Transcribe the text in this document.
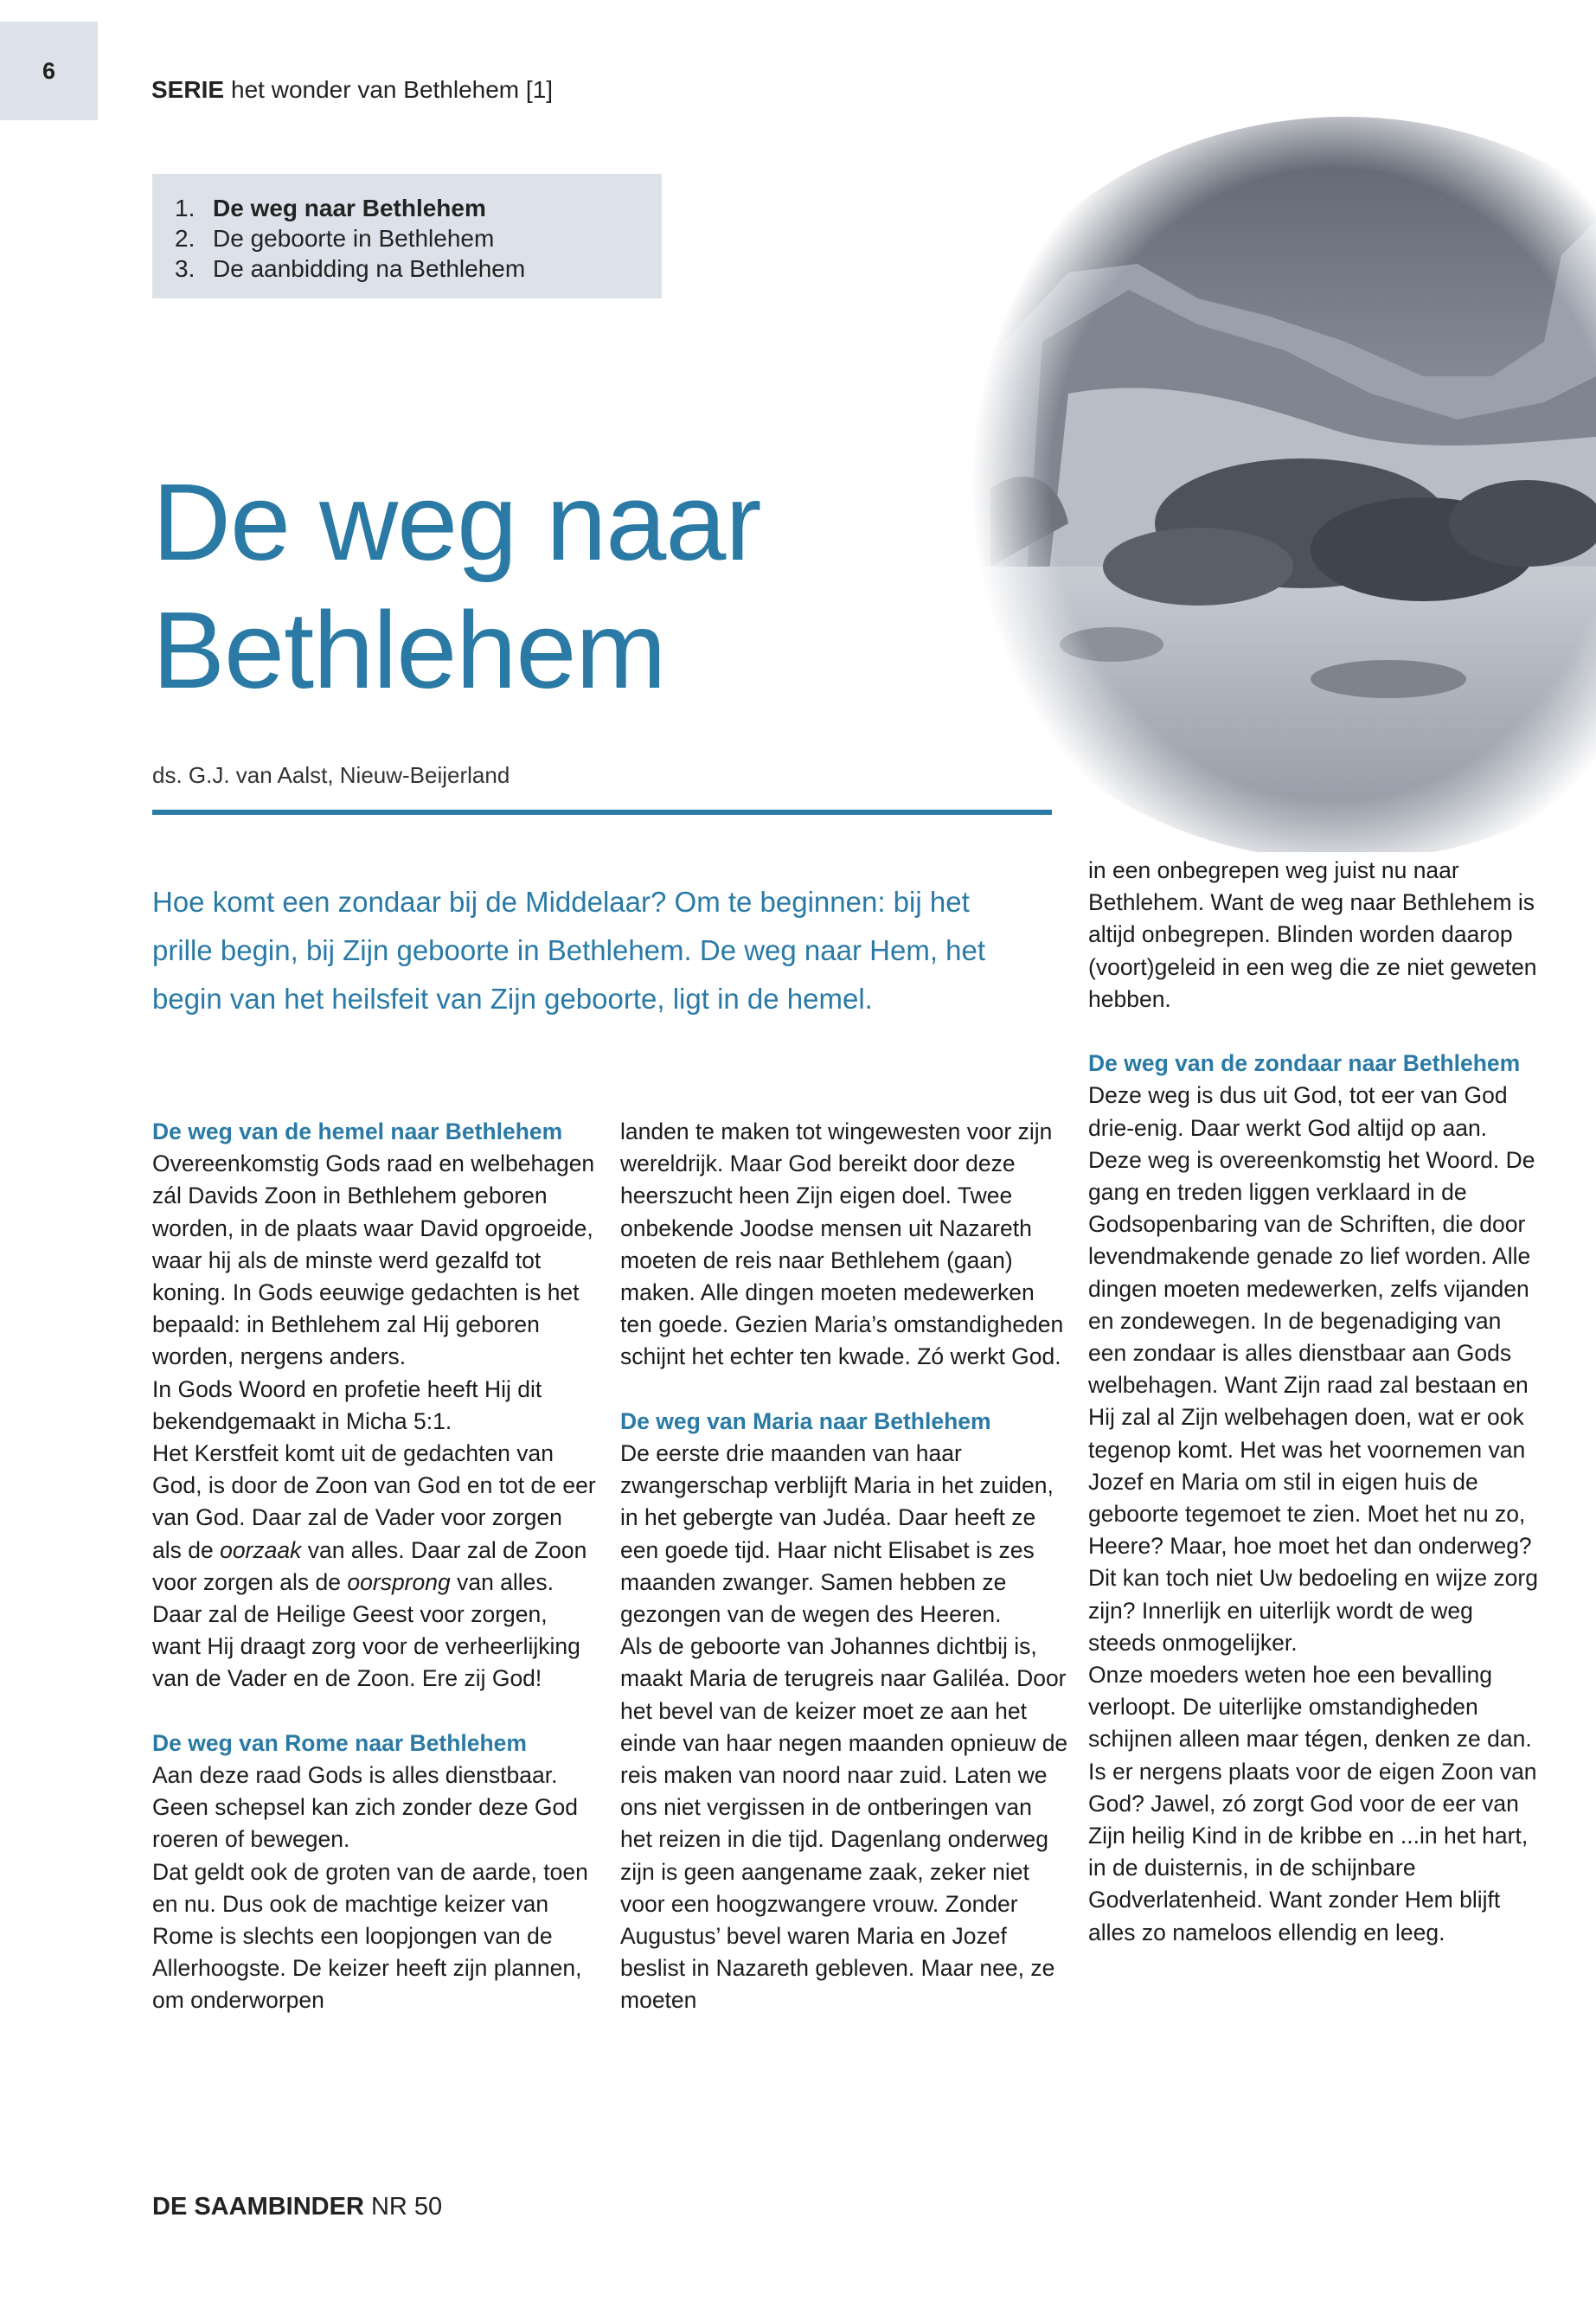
6
SERIE het wonder van Bethlehem [1]
1. De weg naar Bethlehem
2. De geboorte in Bethlehem
3. De aanbidding na Bethlehem
De weg naar
Bethlehem
ds. G.J. van Aalst, Nieuw-Beijerland
Hoe komt een zondaar bij de Middelaar? Om te beginnen: bij het prille begin, bij Zijn geboorte in Bethlehem. De weg naar Hem, het begin van het heilsfeit van Zijn geboorte, ligt in de hemel.
De weg van de hemel naar Bethlehem

Overeenkomstig Gods raad en welbehagen zál Davids Zoon in Bethlehem geboren worden, in de plaats waar David opgroeide, waar hij als de minste werd gezalfd tot koning. In Gods eeuwige gedachten is het bepaald: in Bethlehem zal Hij geboren worden, nergens anders.

In Gods Woord en profetie heeft Hij dit bekendgemaakt in Micha 5:1.

Het Kerstfeit komt uit de gedachten van God, is door de Zoon van God en tot de eer van God. Daar zal de Vader voor zorgen als de oorzaak van alles. Daar zal de Zoon voor zorgen als de oorsprong van alles. Daar zal de Heilige Geest voor zorgen, want Hij draagt zorg voor de verheerlijking van de Vader en de Zoon. Ere zij God!

De weg van Rome naar Bethlehem

Aan deze raad Gods is alles dienstbaar. Geen schepsel kan zich zonder deze God roeren of bewegen.

Dat geldt ook de groten van de aarde, toen en nu. Dus ook de machtige keizer van Rome is slechts een loopjongen van de Allerhoogste. De keizer heeft zijn plannen, om onderworpen

landen te maken tot wingewesten voor zijn wereldrijk. Maar God bereikt door deze heerszucht heen Zijn eigen doel. Twee onbekende Joodse mensen uit Nazareth moeten de reis naar Bethlehem (gaan) maken. Alle dingen moeten medewerken ten goede. Gezien Maria’s omstandigheden schijnt het echter ten kwade. Zó werkt God.

De weg van Maria naar Bethlehem

De eerste drie maanden van haar zwangerschap verblijft Maria in het zuiden, in het gebergte van Judéa. Daar heeft ze een goede tijd. Haar nicht Elisabet is zes maanden zwanger. Samen hebben ze gezongen van de wegen des Heeren.

Als de geboorte van Johannes dichtbij is, maakt Maria de terugreis naar Galiléa. Door het bevel van de keizer moet ze aan het einde van haar negen maanden opnieuw de reis maken van noord naar zuid. Laten we ons niet vergissen in de ontberingen van het reizen in die tijd. Dagenlang onderweg zijn is geen aangename zaak, zeker niet voor een hoogzwangere vrouw. Zonder Augustus’ bevel waren Maria en Jozef beslist in Nazareth gebleven. Maar nee, ze moeten

in een onbegrepen weg juist nu naar Bethlehem. Want de weg naar Bethlehem is altijd onbegrepen. Blinden worden daarop (voort)geleid in een weg die ze niet geweten hebben.

De weg van de zondaar naar Bethlehem

Deze weg is dus uit God, tot eer van God drie-enig. Daar werkt God altijd op aan. Deze weg is overeenkomstig het Woord. De gang en treden liggen verklaard in de Godsopenbaring van de Schriften, die door levendmakende genade zo lief worden. Alle dingen moeten medewerken, zelfs vijanden en zondewegen. In de begenadiging van een zondaar is alles dienstbaar aan Gods welbehagen. Want Zijn raad zal bestaan en Hij zal al Zijn welbehagen doen, wat er ook tegenop komt. Het was het voornemen van Jozef en Maria om stil in eigen huis de geboorte tegemoet te zien. Moet het nu zo, Heere? Maar, hoe moet het dan onderweg? Dit kan toch niet Uw bedoeling en wijze zorg zijn? Innerlijk en uiterlijk wordt de weg steeds onmogelijker.

Onze moeders weten hoe een bevalling verloopt. De uiterlijke omstandigheden schijnen alleen maar tégen, denken ze dan. Is er nergens plaats voor de eigen Zoon van God? Jawel, zó zorgt God voor de eer van Zijn heilig Kind in de kribbe en ...in het hart, in de duisternis, in de schijnbare Godverlatenheid. Want zonder Hem blijft alles zo nameloos ellendig en leeg.

DE SAAMBINDER NR 50
